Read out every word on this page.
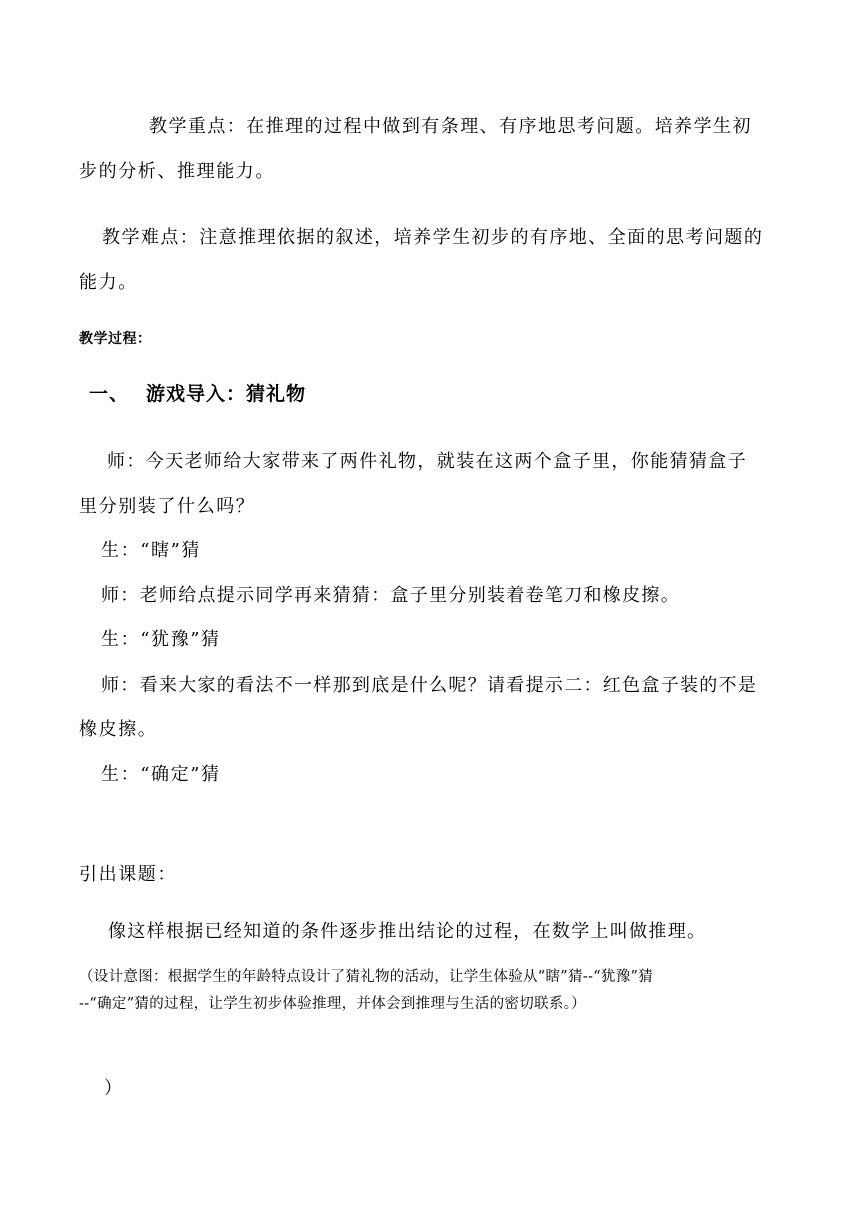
教学重点：在推理的过程中做到有条理、有序地思考问题。培养学生初
步的分析、推理能力。
教学难点：注意推理依据的叙述，培养学生初步的有序地、全面的思考问题的
能力。
教学过程：
一、 游戏导入：猜礼物
师：今天老师给大家带来了两件礼物，就装在这两个盒子里，你能猜猜盒子
里分别装了什么吗？
生：“瞎”猜
师：老师给点提示同学再来猜猜：盒子里分别装着卷笔刀和橡皮擦。
生：“犹豫”猜
师：看来大家的看法不一样那到底是什么呢？请看提示二：红色盒子装的不是
橡皮擦。
生：“确定”猜
引出课题：
像这样根据已经知道的条件逐步推出结论的过程，在数学上叫做推理。
（设计意图：根据学生的年龄特点设计了猜礼物的活动，让学生体验从“瞎”猜--“犹豫”猜
--“确定”猜的过程，让学生初步体验推理，并体会到推理与生活的密切联系。）
）
